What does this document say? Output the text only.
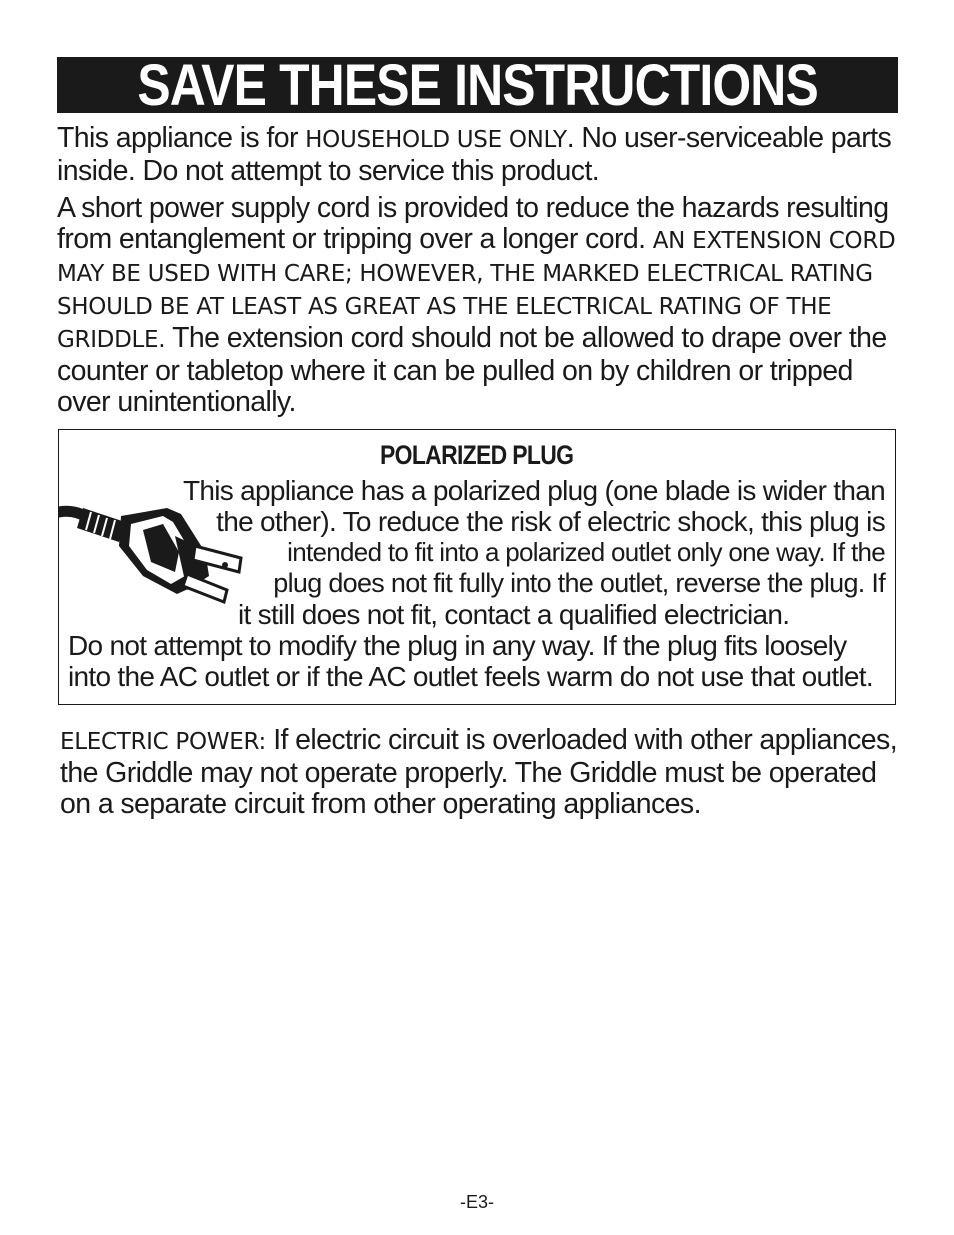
SAVE THESE INSTRUCTIONS

This appliance is for HOUSEHOLD USE ONLY. No user-serviceable parts inside. Do not attempt to service this product.

A short power supply cord is provided to reduce the hazards resulting from entanglement or tripping over a longer cord. AN EXTENSION CORD MAY BE USED WITH CARE; HOWEVER, THE MARKED ELECTRICAL RATING SHOULD BE AT LEAST AS GREAT AS THE ELECTRICAL RATING OF THE GRIDDLE. The extension cord should not be allowed to drape over the counter or tabletop where it can be pulled on by children or tripped over unintentionally.

POLARIZED PLUG
This appliance has a polarized plug (one blade is wider than
the other). To reduce the risk of electric shock, this plug is
intended to fit into a polarized outlet only one way. If the
plug does not fit fully into the outlet, reverse the plug. If
it still does not fit, contact a qualified electrician.

Do not attempt to modify the plug in any way. If the plug fits loosely into the AC outlet or if the AC outlet feels warm do not use that outlet.

ELECTRIC POWER: If electric circuit is overloaded with other appliances, the Griddle may not operate properly. The Griddle must be operated on a separate circuit from other operating appliances.

-E3-
